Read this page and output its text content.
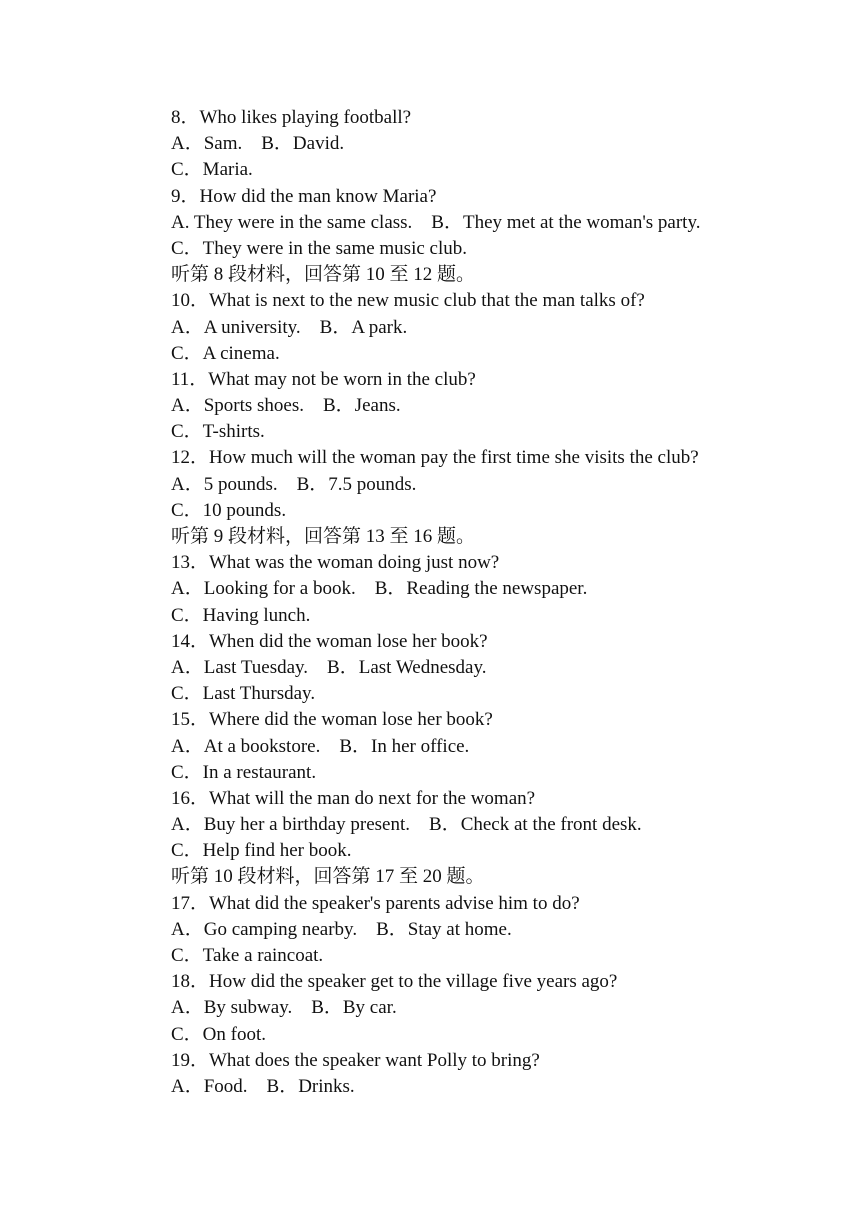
8．Who likes playing football?
A．Sam.    B．David.
C．Maria.
9．How did the man know Maria?
A. They were in the same class.    B．They met at the woman's party.
C．They were in the same music club.
听第 8 段材料，回答第 10 至 12 题。
10．What is next to the new music club that the man talks of?
A．A university.    B．A park.
C．A cinema.
11．What may not be worn in the club?
A．Sports shoes.    B．Jeans.
C．T-shirts.
12．How much will the woman pay the first time she visits the club?
A．5 pounds.    B．7.5 pounds.
C．10 pounds.
听第 9 段材料，回答第 13 至 16 题。
13．What was the woman doing just now?
A．Looking for a book.    B．Reading the newspaper.
C．Having lunch.
14．When did the woman lose her book?
A．Last Tuesday.    B．Last Wednesday.
C．Last Thursday.
15．Where did the woman lose her book?
A．At a bookstore.    B．In her office.
C．In a restaurant.
16．What will the man do next for the woman?
A．Buy her a birthday present.    B．Check at the front desk.
C．Help find her book.
听第 10 段材料，回答第 17 至 20 题。
17．What did the speaker's parents advise him to do?
A．Go camping nearby.    B．Stay at home.
C．Take a raincoat.
18．How did the speaker get to the village five years ago?
A．By subway.    B．By car.
C．On foot.
19．What does the speaker want Polly to bring?
A．Food.    B．Drinks.
